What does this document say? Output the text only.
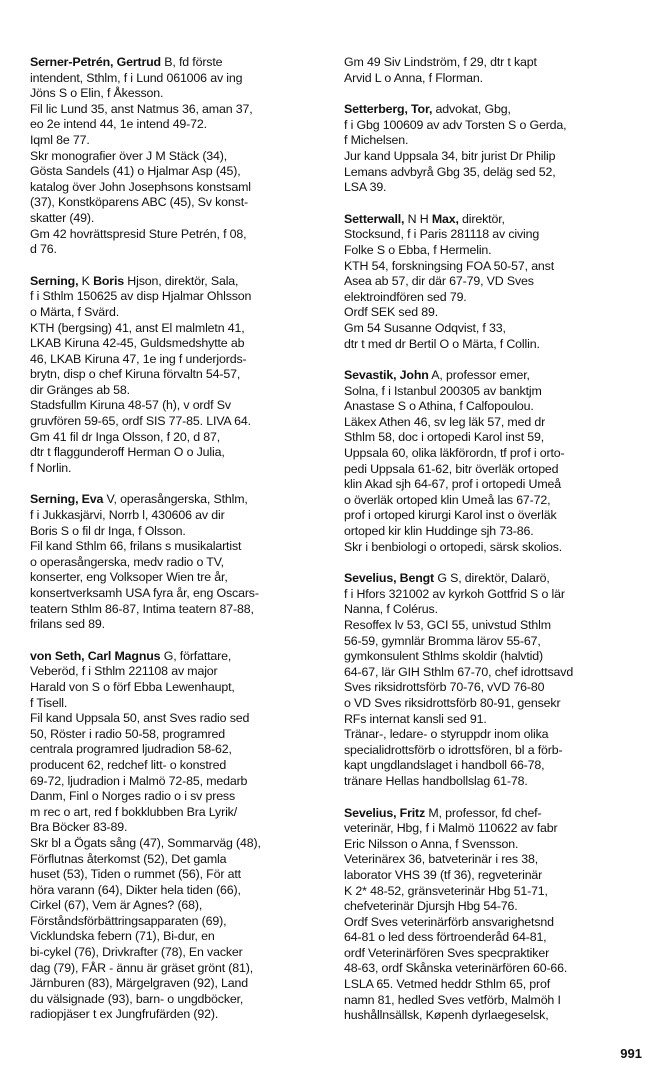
Serner-Petrén, Gertrud B, fd förste
intendent, Sthlm, f i Lund 061006 av ing
Jöns S o Elin, f Åkesson.
Fil lic Lund 35, anst Natmus 36, aman 37,
eo 2e intend 44, 1e intend 49-72.
Iqml 8e 77.
Skr monografier över J M Stäck (34),
Gösta Sandels (41) o Hjalmar Asp (45),
katalog över John Josephsons konstsaml
(37), Konstköparens ABC (45), Sv konst-
skatter (49).
Gm 42 hovrättspresid Sture Petrén, f 08,
d 76.
Serning, K Boris Hjson, direktör, Sala,
f i Sthlm 150625 av disp Hjalmar Ohlsson
o Märta, f Svärd.
KTH (bergsing) 41, anst El malmletn 41,
LKAB Kiruna 42-45, Guldsmedshytte ab
46, LKAB Kiruna 47, 1e ing f underjords-
brytn, disp o chef Kiruna förvaltn 54-57,
dir Gränges ab 58.
Stadsfullm Kiruna 48-57 (h), v ordf Sv
gruvfören 59-65, ordf SIS 77-85. LIVA 64.
Gm 41 fil dr Inga Olsson, f 20, d 87,
dtr t flaggunderoff Herman O o Julia,
f Norlin.
Serning, Eva V, operasångerska, Sthlm,
f i Jukkasjärvi, Norrb l, 430606 av dir
Boris S o fil dr Inga, f Olsson.
Fil kand Sthlm 66, frilans s musikalartist
o operasångerska, medv radio o TV,
konserter, eng Volksoper Wien tre år,
konsertverksamh USA fyra år, eng Oscars-
teatern Sthlm 86-87, Intima teatern 87-88,
frilans sed 89.
von Seth, Carl Magnus G, författare,
Veberöd, f i Sthlm 221108 av major
Harald von S o förf Ebba Lewenhaupt,
f Tisell.
Fil kand Uppsala 50, anst Sves radio sed
50, Röster i radio 50-58, programred
centrala programred ljudradion 58-62,
producent 62, redchef litt- o konstred
69-72, ljudradion i Malmö 72-85, medarb
Danm, Finl o Norges radio o i sv press
m rec o art, red f bokklubben Bra Lyrik/
Bra Böcker 83-89.
Skr bl a Ögats sång (47), Sommarväg (48),
Förflutnas återkomst (52), Det gamla
huset (53), Tiden o rummet (56), För att
höra varann (64), Dikter hela tiden (66),
Cirkel (67), Vem är Agnes? (68),
Förståndsförbättringsapparaten (69),
Vicklundska febern (71), Bi-dur, en
bi-cykel (76), Drivkrafter (78), En vacker
dag (79), FÅR - ännu är gräset grönt (81),
Järnburen (83), Märgelgraven (92), Land
du välsignade (93), barn- o ungdböcker,
radiopjäser t ex Jungfrufärden (92).
Gm 49 Siv Lindström, f 29, dtr t kapt
Arvid L o Anna, f Florman.
Setterberg, Tor, advokat, Gbg,
f i Gbg 100609 av adv Torsten S o Gerda,
f Michelsen.
Jur kand Uppsala 34, bitr jurist Dr Philip
Lemans advbyrå Gbg 35, deläg sed 52,
LSA 39.
Setterwall, N H Max, direktör,
Stocksund, f i Paris 281118 av civing
Folke S o Ebba, f Hermelin.
KTH 54, forskningsing FOA 50-57, anst
Asea ab 57, dir där 67-79, VD Sves
elektroindfören sed 79.
Ordf SEK sed 89.
Gm 54 Susanne Odqvist, f 33,
dtr t med dr Bertil O o Märta, f Collin.
Sevastik, John A, professor emer,
Solna, f i Istanbul 200305 av banktjm
Anastase S o Athina, f Calfopoulou.
Läkex Athen 46, sv leg läk 57, med dr
Sthlm 58, doc i ortopedi Karol inst 59,
Uppsala 60, olika läkförordn, tf prof i orto-
pedi Uppsala 61-62, bitr överläk ortoped
klin Akad sjh 64-67, prof i ortopedi Umeå
o överläk ortoped klin Umeå las 67-72,
prof i ortoped kirurgi Karol inst o överläk
ortoped kir klin Huddinge sjh 73-86.
Skr i benbiologi o ortopedi, särsk skolios.
Sevelius, Bengt G S, direktör, Dalarö,
f i Hfors 321002 av kyrkoh Gottfrid S o lär
Nanna, f Colérus.
Resoffex lv 53, GCI 55, univstud Sthlm
56-59, gymnlär Bromma lärov 55-67,
gymkonsulent Sthlms skoldir (halvtid)
64-67, lär GIH Sthlm 67-70, chef idrottsavd
Sves riksidrottsförb 70-76, vVD 76-80
o VD Sves riksidrottsförb 80-91, gensekr
RFs internat kansli sed 91.
Tränar-, ledare- o styruppdr inom olika
specialidrottsförb o idrottsfören, bl a förb-
kapt ungdlandslaget i handboll 66-78,
tränare Hellas handbollslag 61-78.
Sevelius, Fritz M, professor, fd chef-
veterinär, Hbg, f i Malmö 110622 av fabr
Eric Nilsson o Anna, f Svensson.
Veterinärex 36, batveterinär i res 38,
laborator VHS 39 (tf 36), regveterinär
K 2* 48-52, gränsveterinär Hbg 51-71,
chefveterinär Djursjh Hbg 54-76.
Ordf Sves veterinärförb ansvarighetsnd
64-81 o led dess förtroenderåd 64-81,
ordf Veterinärfören Sves specpraktiker
48-63, ordf Skånska veterinärfören 60-66.
LSLA 65. Vetmed heddr Sthlm 65, prof
namn 81, hedled Sves vetförb, Malmöh I
hushållnsällsk, Køpenh dyrlaegeselsk,
991
